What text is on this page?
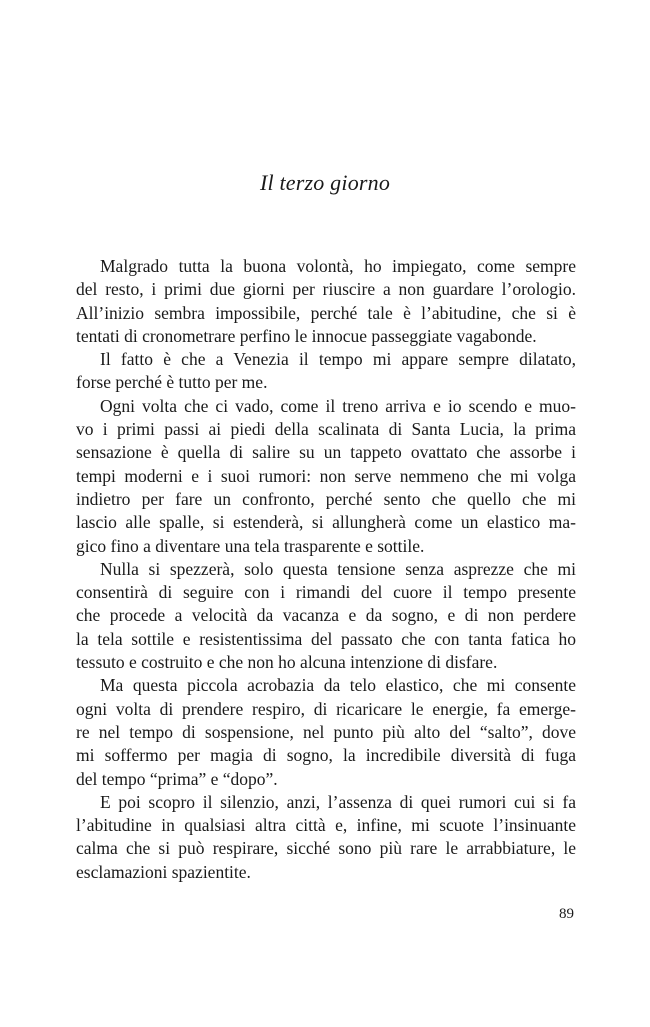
Il terzo giorno
Malgrado tutta la buona volontà, ho impiegato, come sempre
del resto, i primi due giorni per riuscire a non guardare l’orologio.
All’inizio sembra impossibile, perché tale è l’abitudine, che si è
tentati di cronometrare perfino le innocue passeggiate vagabonde.
Il fatto è che a Venezia il tempo mi appare sempre dilatato,
forse perché è tutto per me.
Ogni volta che ci vado, come il treno arriva e io scendo e muo-
vo i primi passi ai piedi della scalinata di Santa Lucia, la prima
sensazione è quella di salire su un tappeto ovattato che assorbe i
tempi moderni e i suoi rumori: non serve nemmeno che mi volga
indietro per fare un confronto, perché sento che quello che mi
lascio alle spalle, si estenderà, si allungherà come un elastico ma-
gico fino a diventare una tela trasparente e sottile.
Nulla si spezzerà, solo questa tensione senza asprezze che mi
consentirà di seguire con i rimandi del cuore il tempo presente
che procede a velocità da vacanza e da sogno, e di non perdere
la tela sottile e resistentissima del passato che con tanta fatica ho
tessuto e costruito e che non ho alcuna intenzione di disfare.
Ma questa piccola acrobazia da telo elastico, che mi consente
ogni volta di prendere respiro, di ricaricare le energie, fa emerge-
re nel tempo di sospensione, nel punto più alto del “salto”, dove
mi soffermo per magia di sogno, la incredibile diversità di fuga
del tempo “prima” e “dopo”.
E poi scopro il silenzio, anzi, l’assenza di quei rumori cui si fa
l’abitudine in qualsiasi altra città e, infine, mi scuote l’insinuante
calma che si può respirare, sicché sono più rare le arrabbiature, le
esclamazioni spazientite.

89
